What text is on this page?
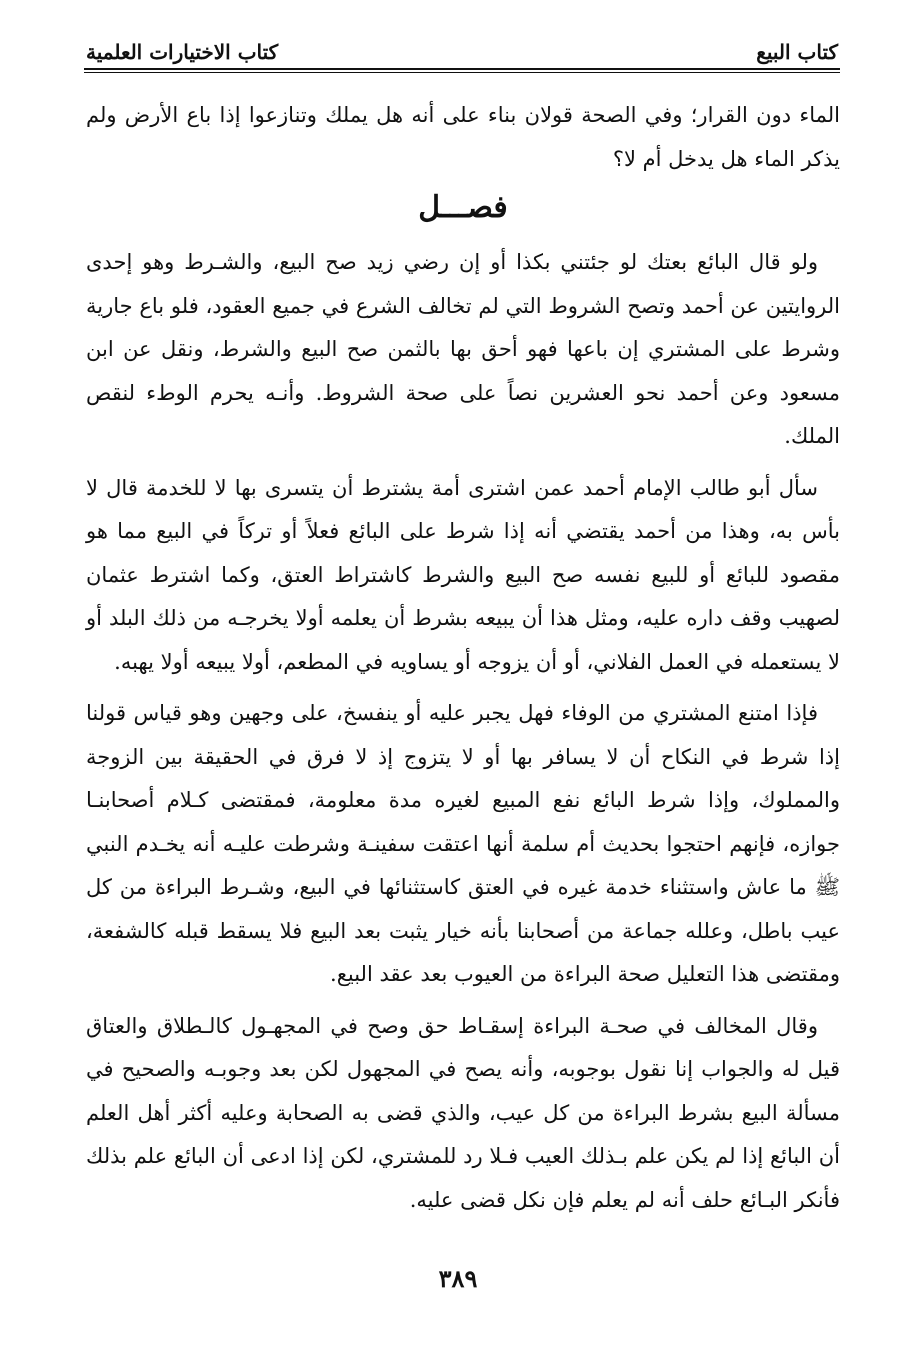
كتاب البيع
كتاب الاختيارات العلمية

الماء دون القرار؛ وفي الصحة قولان بناء على أنه هل يملك وتنازعوا إذا باع الأرض ولم يذكر الماء هل يدخل أم لا؟

فصـــل

ولو قال البائع بعتك لو جئتني بكذا أو إن رضي زيد صح البيع، والشـرط وهو إحدى الروايتين عن أحمد وتصح الشروط التي لم تخالف الشرع في جميع العقود، فلو باع جارية وشرط على المشتري إن باعها فهو أحق بها بالثمن صح البيع والشرط، ونقل عن ابن مسعود وعن أحمد نحو العشرين نصاً على صحة الشروط. وأنـه يحرم الوطء لنقص الملك.

سأل أبو طالب الإمام أحمد عمن اشترى أمة يشترط أن يتسرى بها لا للخدمة قال لا بأس به، وهذا من أحمد يقتضي أنه إذا شرط على البائع فعلاً أو تركاً في البيع مما هو مقصود للبائع أو للبيع نفسه صح البيع والشرط كاشتراط العتق، وكما اشترط عثمان لصهيب وقف داره عليه، ومثل هذا أن يبيعه بشرط أن يعلمه أولا يخرجـه من ذلك البلد أو لا يستعمله في العمل الفلاني، أو أن يزوجه أو يساويه في المطعم، أولا يبيعه أولا يهبه.

فإذا امتنع المشتري من الوفاء فهل يجبر عليه أو ينفسخ، على وجهين وهو قياس قولنا إذا شرط في النكاح أن لا يسافر بها أو لا يتزوج إذ لا فرق في الحقيقة بين الزوجة والمملوك، وإذا شرط البائع نفع المبيع لغيره مدة معلومة، فمقتضى كـلام أصحابنـا جوازه، فإنهم احتجوا بحديث أم سلمة أنها اعتقت سفينـة وشرطت عليـه أنه يخـدم النبي ﷺ ما عاش واستثناء خدمة غيره في العتق كاستثنائها في البيع، وشـرط البراءة من كل عيب باطل، وعلله جماعة من أصحابنا بأنه خيار يثبت بعد البيع فلا يسقط قبله كالشفعة، ومقتضى هذا التعليل صحة البراءة من العيوب بعد عقد البيع.

وقال المخالف في صحـة البراءة إسقـاط حق وصح في المجهـول كالـطلاق والعتاق قيل له والجواب إنا نقول بوجوبه، وأنه يصح في المجهول لكن بعد وجوبـه والصحيح في مسألة البيع بشرط البراءة من كل عيب، والذي قضى به الصحابة وعليه أكثر أهل العلم أن البائع إذا لم يكن علم بـذلك العيب فـلا رد للمشتري، لكن إذا ادعى أن البائع علم بذلك فأنكر البـائع حلف أنه لم يعلم فإن نكل قضى عليه.

٣٨٩
